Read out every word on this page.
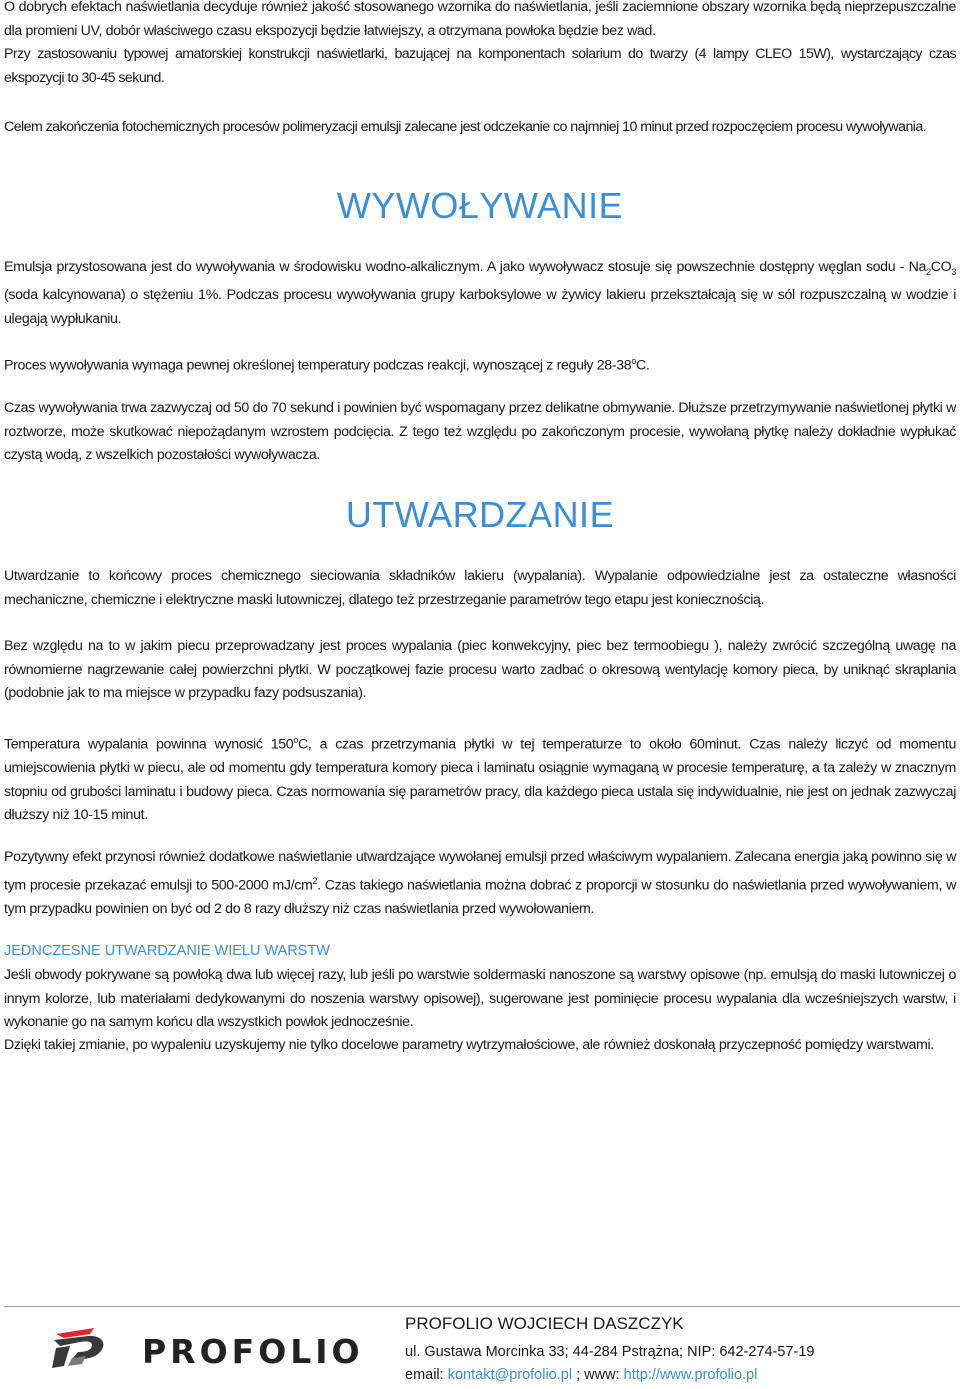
O dobrych efektach naświetlania decyduje również jakość stosowanego wzornika do naświetlania, jeśli zaciemnione obszary wzornika będą nieprzepuszczalne dla promieni UV, dobór właściwego czasu ekspozycji będzie łatwiejszy, a otrzymana powłoka będzie bez wad.

Przy zastosowaniu typowej amatorskiej konstrukcji naświetlarki, bazującej na komponentach solarium do twarzy (4 lampy CLEO 15W), wystarczający czas ekspozycji to 30-45 sekund.

Celem zakończenia fotochemicznych procesów polimeryzacji emulsji zalecane jest odczekanie co najmniej 10 minut przed rozpoczęciem procesu wywoływania.

WYWOŁYWANIE

Emulsja przystosowana jest do wywoływania w środowisku wodno-alkalicznym. A jako wywoływacz stosuje się powszechnie dostępny węglan sodu - $Na_2CO_3$ (soda kalcynowana) o stężeniu 1%. Podczas procesu wywoływania grupy karboksylowe w żywicy lakieru przekształcają się w sól rozpuszczalną w wodzie i ulegają wypłukaniu.

Proces wywoływania wymaga pewnej określonej temperatury podczas reakcji, wynoszącej z reguły 28-38$^o$C.

Czas wywoływania trwa zazwyczaj od 50 do 70 sekund i powinien być wspomagany przez delikatne obmywanie. Dłuższe przetrzymywanie naświetlonej płytki w roztworze, może skutkować niepożądanym wzrostem podcięcia. Z tego też względu po zakończonym procesie, wywołaną płytkę należy dokładnie wypłukać czystą wodą, z wszelkich pozostałości wywoływacza.

UTWARDZANIE

Utwardzanie to końcowy proces chemicznego sieciowania składników lakieru (wypalania). Wypalanie odpowiedzialne jest za ostateczne własności mechaniczne, chemiczne i elektryczne maski lutowniczej, dlatego też przestrzeganie parametrów tego etapu jest koniecznością.

Bez względu na to w jakim piecu przeprowadzany jest proces wypalania (piec konwekcyjny, piec bez termoobiegu ), należy zwrócić szczególną uwagę na równomierne nagrzewanie całej powierzchni płytki. W początkowej fazie procesu warto zadbać o okresową wentylację komory pieca, by uniknąć skraplania (podobnie jak to ma miejsce w przypadku fazy podsuszania).

Temperatura wypalania powinna wynosić 150$^o$C, a czas przetrzymania płytki w tej temperaturze to około 60minut. Czas należy liczyć od momentu umiejscowienia płytki w piecu, ale od momentu gdy temperatura komory pieca i laminatu osiągnie wymaganą w procesie temperaturę, a ta zależy w znacznym stopniu od grubości laminatu i budowy pieca. Czas normowania się parametrów pracy, dla każdego pieca ustala się indywidualnie, nie jest on jednak zazwyczaj dłuższy niż 10-15 minut.

Pozytywny efekt przynosi również dodatkowe naświetlanie utwardzające wywołanej emulsji przed właściwym wypalaniem. Zalecana energia jaką powinno się w tym procesie przekazać emulsji to 500-2000 $mJ/cm^2$. Czas takiego naświetlania można dobrać z proporcji w stosunku do naświetlania przed wywoływaniem, w tym przypadku powinien on być od 2 do 8 razy dłuższy niż czas naświetlania przed wywołowaniem.

JEDNCZESNE UTWARDZANIE WIELU WARSTW

Jeśli obwody pokrywane są powłoką dwa lub więcej razy, lub jeśli po warstwie soldermaski nanoszone są warstwy opisowe (np. emulsją do maski lutowniczej o innym kolorze, lub materiałami dedykowanymi do noszenia warstwy opisowej), sugerowane jest pominięcie procesu wypalania dla wcześniejszych warstw, i wykonanie go na samym końcu dla wszystkich powłok jednocześnie.

Dzięki takiej zmianie, po wypaleniu uzyskujemy nie tylko docelowe parametry wytrzymałościowe, ale również doskonałą przyczepność pomiędzy warstwami.

PROFOLIO
PROFOLIO WOJCIECH DASZCZYK
ul. Gustawa Morcinka 33; 44-284 Pstrążna; NIP: 642-274-57-19
email: kontakt@profolio.pl ; www: http://www.profolio.pl
